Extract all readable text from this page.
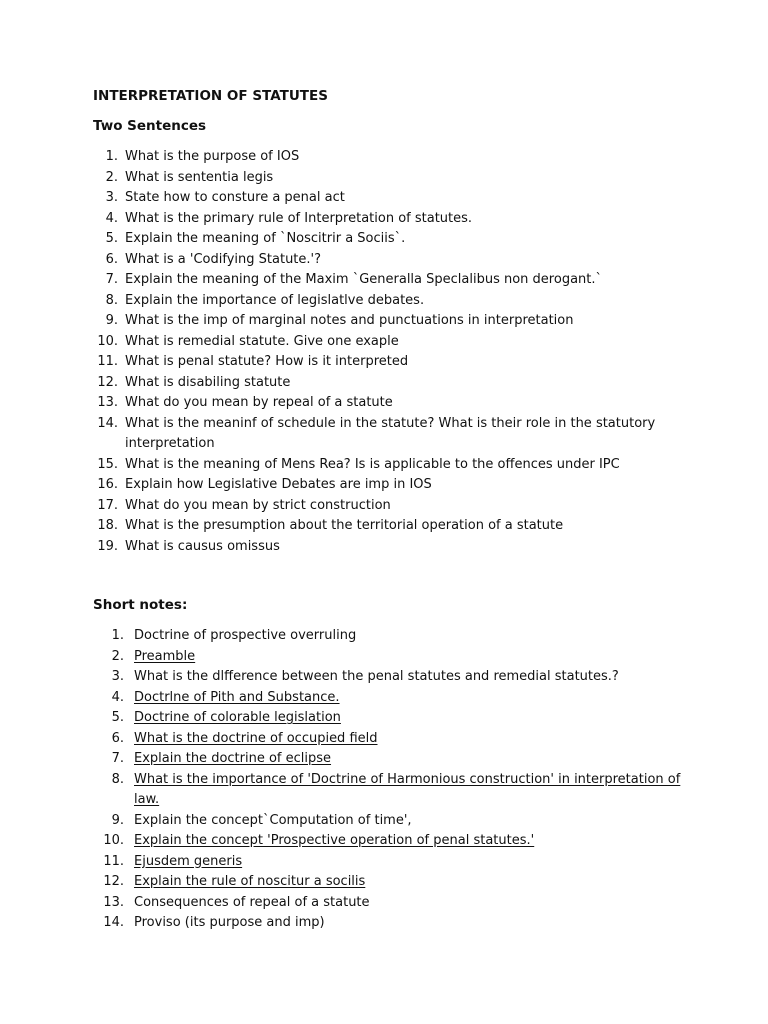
INTERPRETATION OF STATUTES
Two Sentences
1. What is the purpose of IOS
2. What is sententia legis
3. State how to consture a penal act
4. What is the primary rule of Interpretation of statutes.
5. Explain the meaning of `Noscitrir a Sociis`.
6. What is a 'Codifying Statute.'?
7. Explain the meaning of the Maxim `Generalla Speclalibus non derogant.`
8. Explain the importance of legislatlve debates.
9. What is the imp of marginal notes and punctuations in interpretation
10. What is remedial statute. Give one exaple
11. What is penal statute? How is it interpreted
12. What is disabiling statute
13. What do you mean by repeal of a statute
14. What is the meaninf of schedule in the statute? What is their role in the statutory interpretation
15. What is the meaning of Mens Rea? Is is applicable to the offences under IPC
16. Explain how Legislative Debates are imp in IOS
17. What do you mean by strict construction
18. What is the presumption about the territorial operation of a statute
19. What is causus omissus
Short notes:
1. Doctrine of prospective overruling
2. Preamble
3. What is the dlfference between the penal statutes and remedial statutes.?
4. Doctrlne of Pith and Substance.
5. Doctrine of colorable legislation
6. What is the doctrine of occupied field
7. Explain the doctrine of eclipse
8. What is the importance of 'Doctrine of Harmonious construction' in interpretation of law.
9. Explain the concept`Computation of time',
10. Explain the concept 'Prospective operation of penal statutes.'
11. Ejusdem generis
12. Explain the rule of noscitur a socilis
13. Consequences of repeal of a statute
14. Proviso (its purpose and imp)
